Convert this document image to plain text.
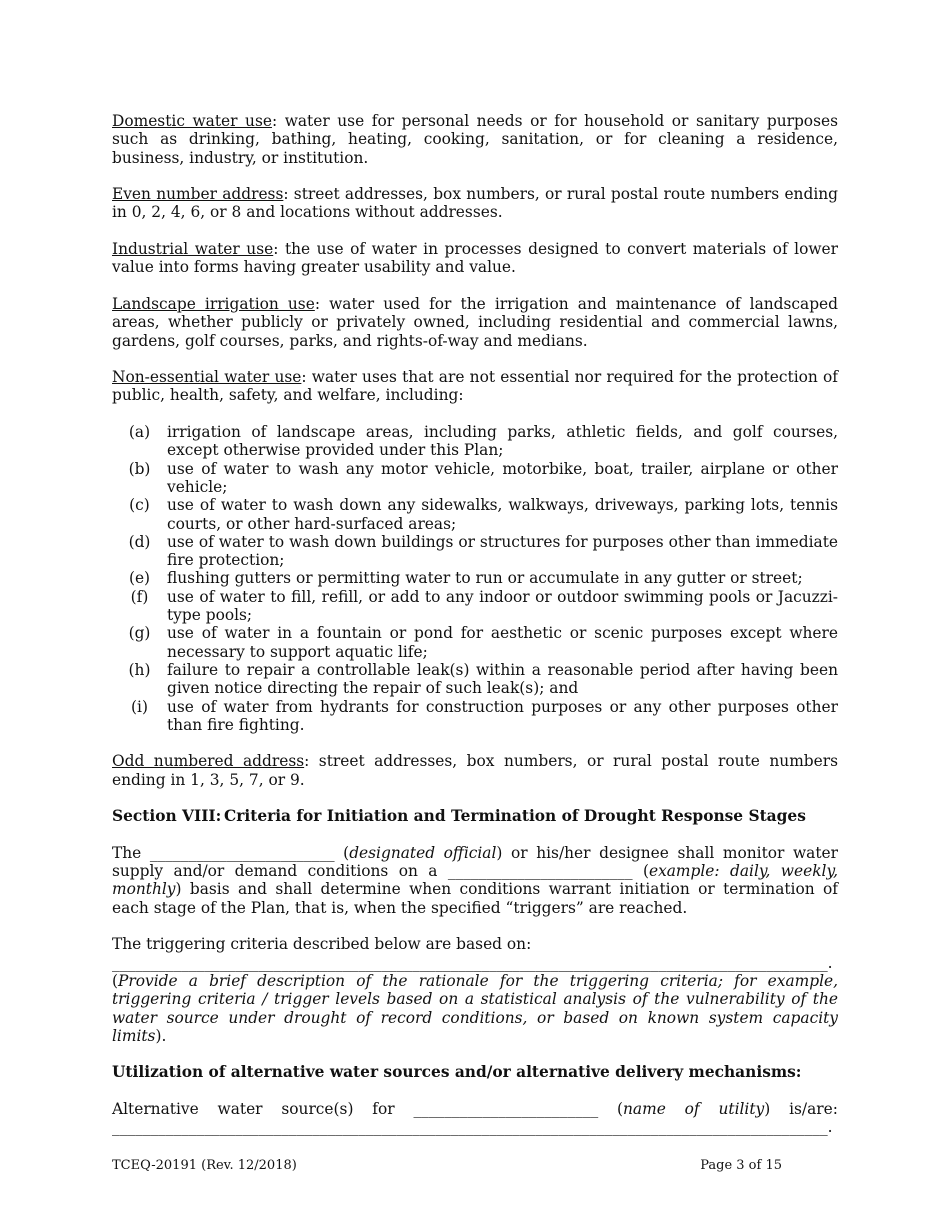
Domestic water use: water use for personal needs or for household or sanitary purposes such as drinking, bathing, heating, cooking, sanitation, or for cleaning a residence, business, industry, or institution.

Even number address: street addresses, box numbers, or rural postal route numbers ending in 0, 2, 4, 6, or 8 and locations without addresses.

Industrial water use: the use of water in processes designed to convert materials of lower value into forms having greater usability and value.

Landscape irrigation use: water used for the irrigation and maintenance of landscaped areas, whether publicly or privately owned, including residential and commercial lawns, gardens, golf courses, parks, and rights-of-way and medians.

Non-essential water use: water uses that are not essential nor required for the protection of public, health, safety, and welfare, including:

(a)	irrigation of landscape areas, including parks, athletic fields, and golf courses, except otherwise provided under this Plan;
(b)	use of water to wash any motor vehicle, motorbike, boat, trailer, airplane or other vehicle;
(c)	use of water to wash down any sidewalks, walkways, driveways, parking lots, tennis courts, or other hard-surfaced areas;
(d)	use of water to wash down buildings or structures for purposes other than immediate fire protection;
(e)	flushing gutters or permitting water to run or accumulate in any gutter or street;
(f)	use of water to fill, refill, or add to any indoor or outdoor swimming pools or Jacuzzi-type pools;
(g)	use of water in a fountain or pond for aesthetic or scenic purposes except where necessary to support aquatic life;
(h)	failure to repair a controllable leak(s) within a reasonable period after having been given notice directing the repair of such leak(s); and
(i)	use of water from hydrants for construction purposes or any other purposes other than fire fighting.

Odd numbered address: street addresses, box numbers, or rural postal route numbers ending in 1, 3, 5, 7, or 9.

Section VIII: Criteria for Initiation and Termination of Drought Response Stages

The ________________________ (designated official) or his/her designee shall monitor water supply and/or demand conditions on a ________________________ (example: daily, weekly, monthly) basis and shall determine when conditions warrant initiation or termination of each stage of the Plan, that is, when the specified “triggers” are reached.

The triggering criteria described below are based on:

_____________________________________________________________________________________________.

(Provide a brief description of the rationale for the triggering criteria; for example, triggering criteria / trigger levels based on a statistical analysis of the vulnerability of the water source under drought of record conditions, or based on known system capacity limits).

Utilization of alternative water sources and/or alternative delivery mechanisms:
Alternative water source(s) for ________________________ (name of utility) is/are:
_____________________________________________________________________________________________.
TCEQ-20191 (Rev. 12/2018)	Page 3 of 15
